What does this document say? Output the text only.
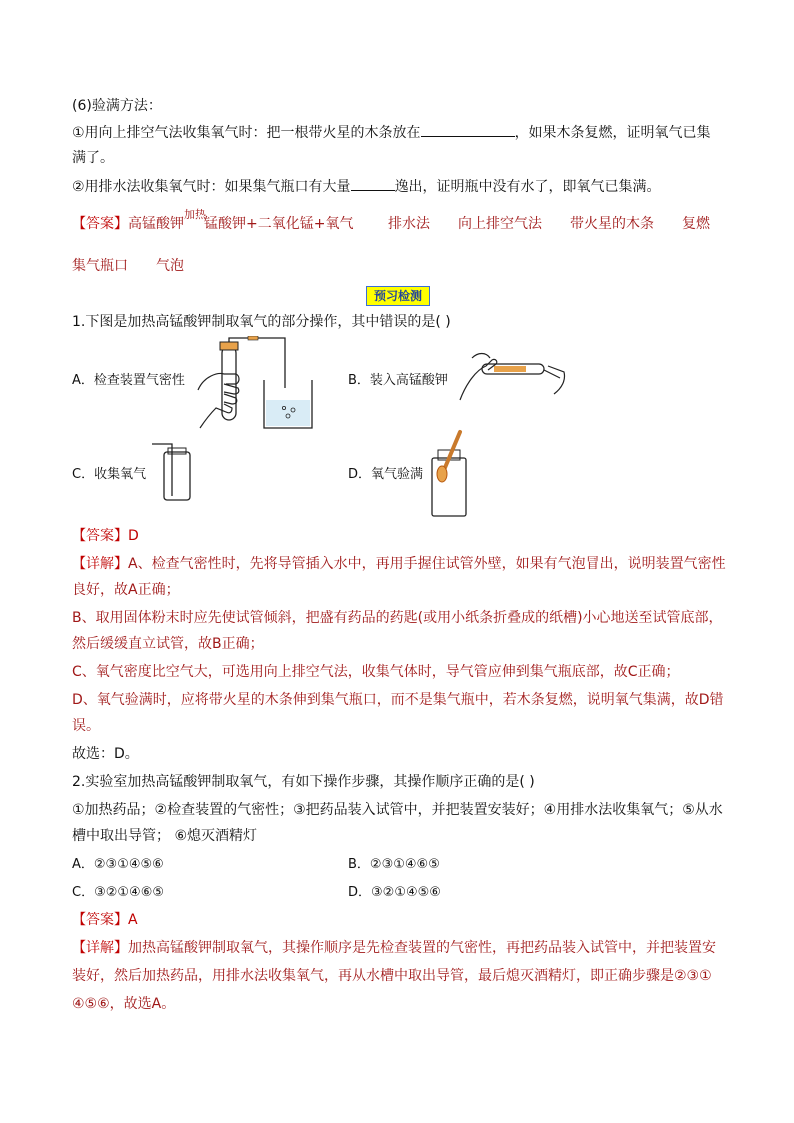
(6)验满方法：
①用向上排空气法收集氧气时：把一根带火星的木条放在	，如果木条复燃，证明氧气已集
满了。
②用排水法收集氧气时：如果集气瓶口有大量	逸出，证明瓶中没有水了，即氧气已集满。
【答案】高锰酸钾$^{加热}$锰酸钾+二氧化锰+氧气 排水法 向上排空气法 带火星的木条 复燃
集气瓶口 气泡
预习检测
1.下图是加热高锰酸钾制取氧气的部分操作，其中错误的是( )
A．检查装置气密性	B．装入高锰酸钾
C．收集氧气	D．氧气验满
【答案】D
【详解】A、检查气密性时，先将导管插入水中，再用手握住试管外壁，如果有气泡冒出，说明装置气密性
良好，故A正确；
B、取用固体粉末时应先使试管倾斜，把盛有药品的药匙(或用小纸条折叠成的纸槽)小心地送至试管底部，
然后缓缓直立试管，故B正确；
C、氧气密度比空气大，可选用向上排空气法，收集气体时，导气管应伸到集气瓶底部，故C正确；
D、氧气验满时，应将带火星的木条伸到集气瓶口，而不是集气瓶中，若木条复燃，说明氧气集满，故D错
误。
故选：D。
2.实验室加热高锰酸钾制取氧气，有如下操作步骤，其操作顺序正确的是( )
①加热药品；②检查装置的气密性；③把药品装入试管中，并把装置安装好；④用排水法收集氧气；⑤从水
槽中取出导管； ⑥熄灭酒精灯
A．②③①④⑤⑥	B．②③①④⑥⑤
C．③②①④⑥⑤	D．③②①④⑤⑥
【答案】A
【详解】加热高锰酸钾制取氧气，其操作顺序是先检查装置的气密性，再把药品装入试管中，并把装置安
装好，然后加热药品，用排水法收集氧气，再从水槽中取出导管，最后熄灭酒精灯，即正确步骤是②③①
④⑤⑥，故选A。
